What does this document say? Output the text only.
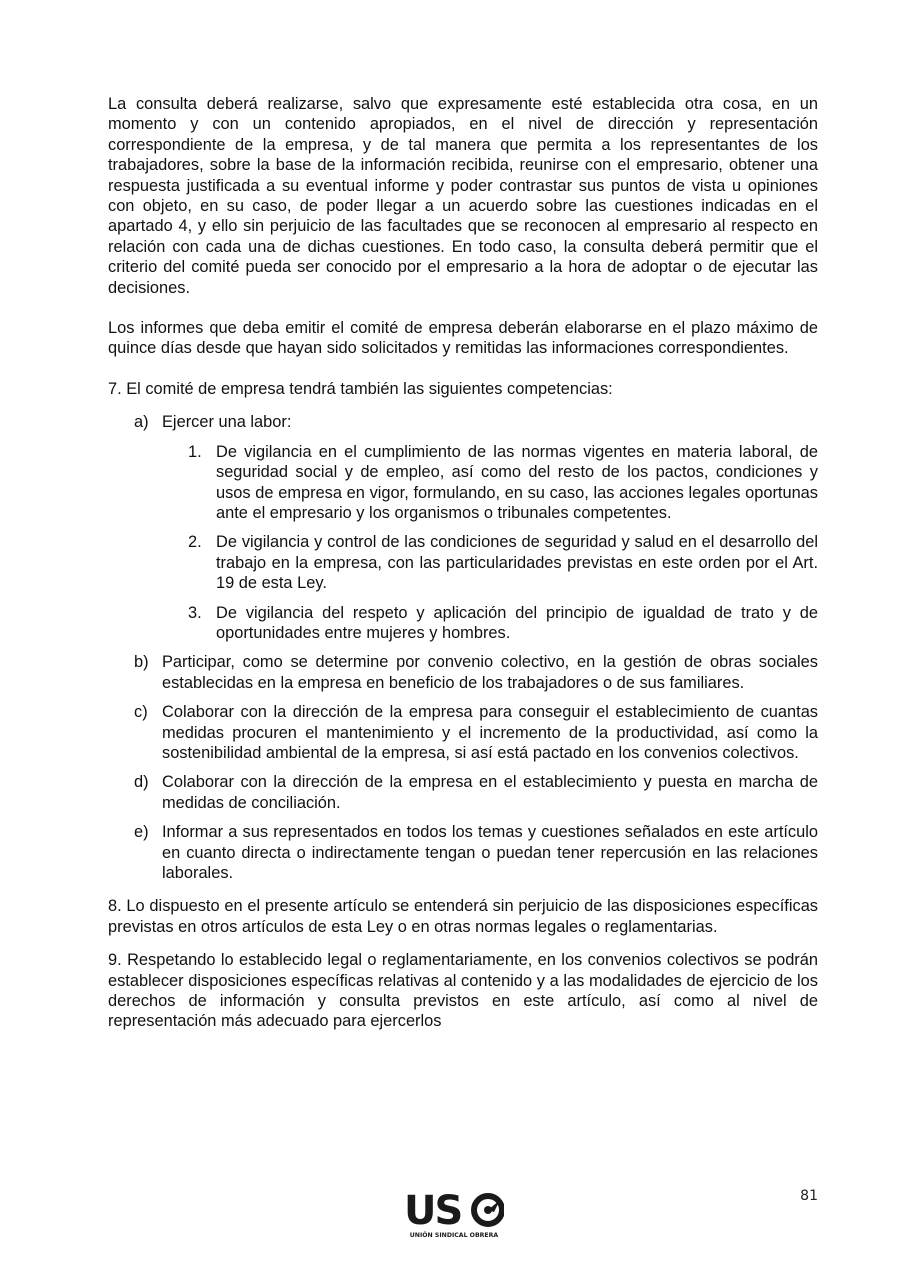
La consulta deberá realizarse, salvo que expresamente esté establecida otra cosa, en un momento y con un contenido apropiados, en el nivel de dirección y representación correspondiente de la empresa, y de tal manera que permita a los representantes de los trabajadores, sobre la base de la información recibida, reunirse con el empresario, obtener una respuesta justificada a su eventual informe y poder contrastar sus puntos de vista u opiniones con objeto, en su caso, de poder llegar a un acuerdo sobre las cuestiones indicadas en el apartado 4, y ello sin perjuicio de las facultades que se reconocen al empresario al respecto en relación con cada una de dichas cuestiones. En todo caso, la consulta deberá permitir que el criterio del comité pueda ser conocido por el empresario a la hora de adoptar o de ejecutar las decisiones.

Los informes que deba emitir el comité de empresa deberán elaborarse en el plazo máximo de quince días desde que hayan sido solicitados y remitidas las informaciones correspondientes.

7. El comité de empresa tendrá también las siguientes competencias:

a) Ejercer una labor:
1. De vigilancia en el cumplimiento de las normas vigentes en materia laboral, de seguridad social y de empleo, así como del resto de los pactos, condiciones y usos de empresa en vigor, formulando, en su caso, las acciones legales oportunas ante el empresario y los organismos o tribunales competentes.
2. De vigilancia y control de las condiciones de seguridad y salud en el desarrollo del trabajo en la empresa, con las particularidades previstas en este orden por el Art. 19 de esta Ley.
3. De vigilancia del respeto y aplicación del principio de igualdad de trato y de oportunidades entre mujeres y hombres.
b) Participar, como se determine por convenio colectivo, en la gestión de obras sociales establecidas en la empresa en beneficio de los trabajadores o de sus familiares.
c) Colaborar con la dirección de la empresa para conseguir el establecimiento de cuantas medidas procuren el mantenimiento y el incremento de la productividad, así como la sostenibilidad ambiental de la empresa, si así está pactado en los convenios colectivos.
d) Colaborar con la dirección de la empresa en el establecimiento y puesta en marcha de medidas de conciliación.
e) Informar a sus representados en todos los temas y cuestiones señalados en este artículo en cuanto directa o indirectamente tengan o puedan tener repercusión en las relaciones laborales.

8. Lo dispuesto en el presente artículo se entenderá sin perjuicio de las disposiciones específicas previstas en otros artículos de esta Ley o en otras normas legales o reglamentarias.

9. Respetando lo establecido legal o reglamentariamente, en los convenios colectivos se podrán establecer disposiciones específicas relativas al contenido y a las modalidades de ejercicio de los derechos de información y consulta previstos en este artículo, así como al nivel de representación más adecuado para ejercerlos

81
US
UNIÓN SINDICAL OBRERA
